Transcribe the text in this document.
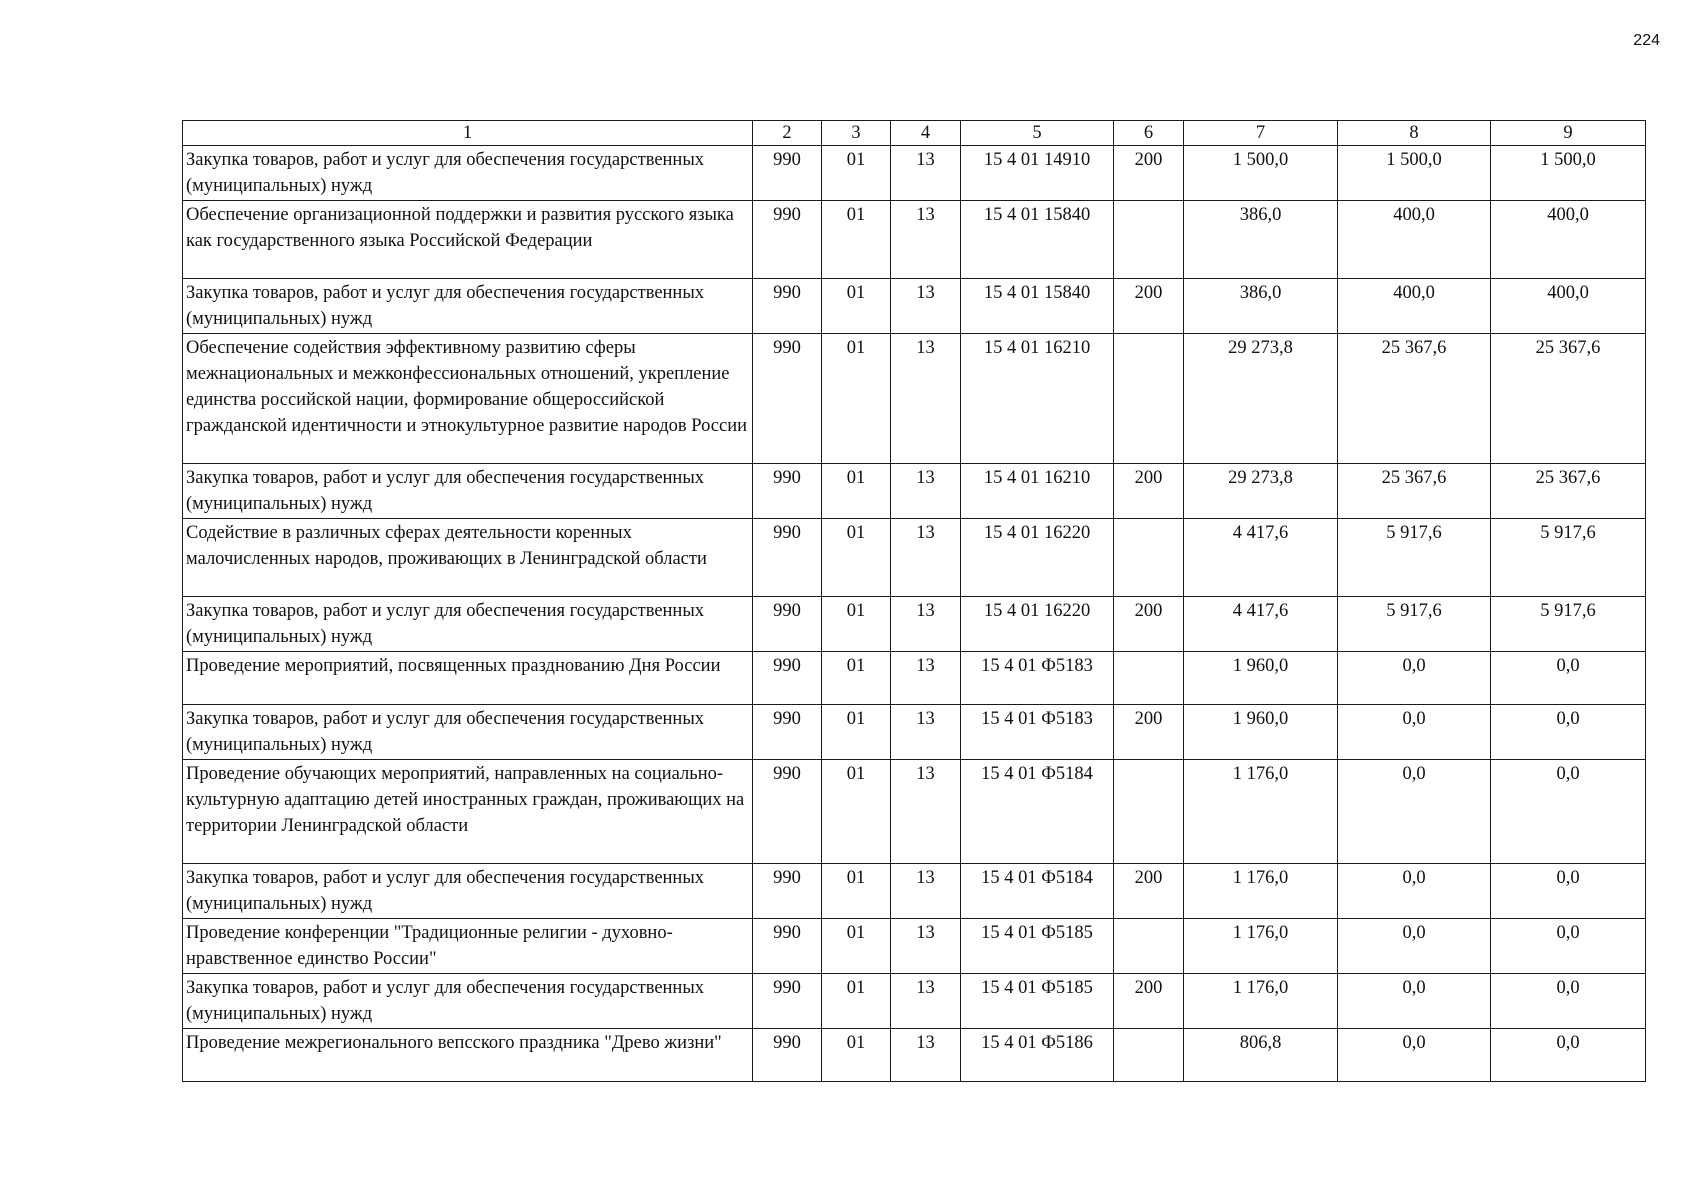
224
1	2	3	4	5	6	7	8	9
Закупка товаров, работ и услуг для обеспечения государственных (муниципальных) нужд	990	01	13	15 4 01 14910	200	1 500,0	1 500,0	1 500,0
Обеспечение организационной поддержки и развития русского языка как государственного языка Российской Федерации	990	01	13	15 4 01 15840		386,0	400,0	400,0
Закупка товаров, работ и услуг для обеспечения государственных (муниципальных) нужд	990	01	13	15 4 01 15840	200	386,0	400,0	400,0
Обеспечение содействия эффективному развитию сферы межнациональных и межконфессиональных отношений, укрепление единства российской нации, формирование общероссийской гражданской идентичности и этнокультурное развитие народов России	990	01	13	15 4 01 16210		29 273,8	25 367,6	25 367,6
Закупка товаров, работ и услуг для обеспечения государственных (муниципальных) нужд	990	01	13	15 4 01 16210	200	29 273,8	25 367,6	25 367,6
Содействие в различных сферах деятельности коренных малочисленных народов, проживающих в Ленинградской области	990	01	13	15 4 01 16220		4 417,6	5 917,6	5 917,6
Закупка товаров, работ и услуг для обеспечения государственных (муниципальных) нужд	990	01	13	15 4 01 16220	200	4 417,6	5 917,6	5 917,6
Проведение мероприятий, посвященных празднованию Дня России	990	01	13	15 4 01 Ф5183		1 960,0	0,0	0,0
Закупка товаров, работ и услуг для обеспечения государственных (муниципальных) нужд	990	01	13	15 4 01 Ф5183	200	1 960,0	0,0	0,0
Проведение обучающих мероприятий, направленных на социально-культурную адаптацию детей иностранных граждан, проживающих на территории Ленинградской области	990	01	13	15 4 01 Ф5184		1 176,0	0,0	0,0
Закупка товаров, работ и услуг для обеспечения государственных (муниципальных) нужд	990	01	13	15 4 01 Ф5184	200	1 176,0	0,0	0,0
Проведение конференции "Традиционные религии - духовно-нравственное единство России"	990	01	13	15 4 01 Ф5185		1 176,0	0,0	0,0
Закупка товаров, работ и услуг для обеспечения государственных (муниципальных) нужд	990	01	13	15 4 01 Ф5185	200	1 176,0	0,0	0,0
Проведение межрегионального вепсского праздника "Древо жизни"	990	01	13	15 4 01 Ф5186		806,8	0,0	0,0
